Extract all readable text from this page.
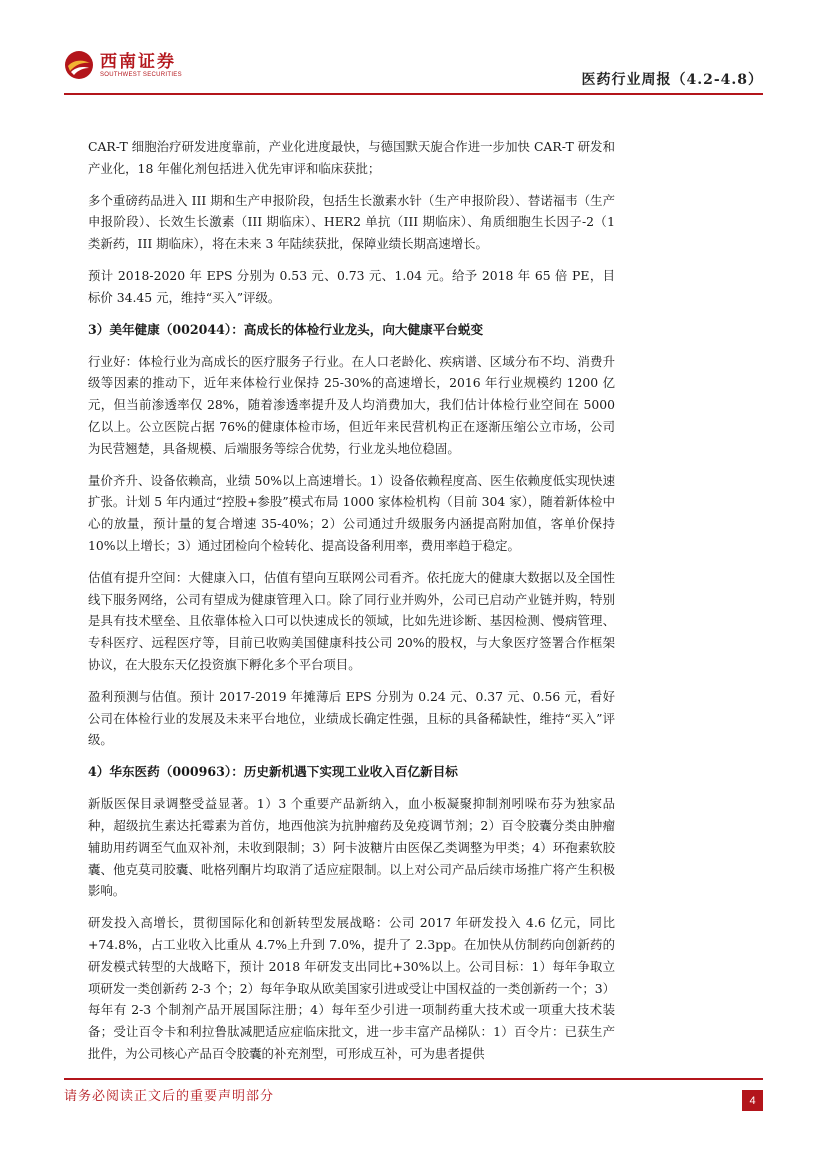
西南证券
SOUTHWEST SECURITIES	医药行业周报（4.2-4.8）

CAR-T 细胞治疗研发进度靠前，产业化进度最快，与德国默天旎合作进一步加快 CAR-T 研发和产业化，18 年催化剂包括进入优先审评和临床获批；

多个重磅药品进入 III 期和生产申报阶段，包括生长激素水针（生产申报阶段）、替诺福韦（生产申报阶段）、长效生长激素（III 期临床）、HER2 单抗（III 期临床）、角质细胞生长因子-2（1 类新药，III 期临床），将在未来 3 年陆续获批，保障业绩长期高速增长。

预计 2018-2020 年 EPS 分别为 0.53 元、0.73 元、1.04 元。给予 2018 年 65 倍 PE，目标价 34.45 元，维持“买入”评级。

3）美年健康（002044）：高成长的体检行业龙头，向大健康平台蜕变

行业好：体检行业为高成长的医疗服务子行业。在人口老龄化、疾病谱、区域分布不均、消费升级等因素的推动下，近年来体检行业保持 25-30%的高速增长，2016 年行业规模约 1200 亿元，但当前渗透率仅 28%，随着渗透率提升及人均消费加大，我们估计体检行业空间在 5000 亿以上。公立医院占据 76%的健康体检市场，但近年来民营机构正在逐渐压缩公立市场，公司为民营翘楚，具备规模、后端服务等综合优势，行业龙头地位稳固。

量价齐升、设备依赖高，业绩 50%以上高速增长。1）设备依赖程度高、医生依赖度低实现快速扩张。计划 5 年内通过“控股+参股”模式布局 1000 家体检机构（目前 304 家），随着新体检中心的放量，预计量的复合增速 35-40%；2）公司通过升级服务内涵提高附加值，客单价保持 10%以上增长；3）通过团检向个检转化、提高设备利用率，费用率趋于稳定。

估值有提升空间：大健康入口，估值有望向互联网公司看齐。依托庞大的健康大数据以及全国性线下服务网络，公司有望成为健康管理入口。除了同行业并购外，公司已启动产业链并购，特别是具有技术壁垒、且依靠体检入口可以快速成长的领域，比如先进诊断、基因检测、慢病管理、专科医疗、远程医疗等，目前已收购美国健康科技公司 20%的股权，与大象医疗签署合作框架协议，在大股东天亿投资旗下孵化多个平台项目。

盈利预测与估值。预计 2017-2019 年摊薄后 EPS 分别为 0.24 元、0.37 元、0.56 元，看好公司在体检行业的发展及未来平台地位，业绩成长确定性强，且标的具备稀缺性，维持“买入”评级。

4）华东医药（000963）：历史新机遇下实现工业收入百亿新目标

新版医保目录调整受益显著。1）3 个重要产品新纳入，血小板凝聚抑制剂吲哚布芬为独家品种，超级抗生素达托霉素为首仿，地西他滨为抗肿瘤药及免疫调节剂；2）百令胶囊分类由肿瘤辅助用药调至气血双补剂，未收到限制；3）阿卡波糖片由医保乙类调整为甲类；4）环孢素软胶囊、他克莫司胶囊、吡格列酮片均取消了适应症限制。以上对公司产品后续市场推广将产生积极影响。

研发投入高增长，贯彻国际化和创新转型发展战略：公司 2017 年研发投入 4.6 亿元，同比+74.8%，占工业收入比重从 4.7%上升到 7.0%，提升了 2.3pp。在加快从仿制药向创新药的研发模式转型的大战略下，预计 2018 年研发支出同比+30%以上。公司目标：1）每年争取立项研发一类创新药 2-3 个；2）每年争取从欧美国家引进或受让中国权益的一类创新药一个；3）每年有 2-3 个制剂产品开展国际注册；4）每年至少引进一项制药重大技术或一项重大技术装备；受让百令卡和利拉鲁肽减肥适应症临床批文，进一步丰富产品梯队：1）百令片：已获生产批件，为公司核心产品百令胶囊的补充剂型，可形成互补，可为患者提供

请务必阅读正文后的重要声明部分	4
